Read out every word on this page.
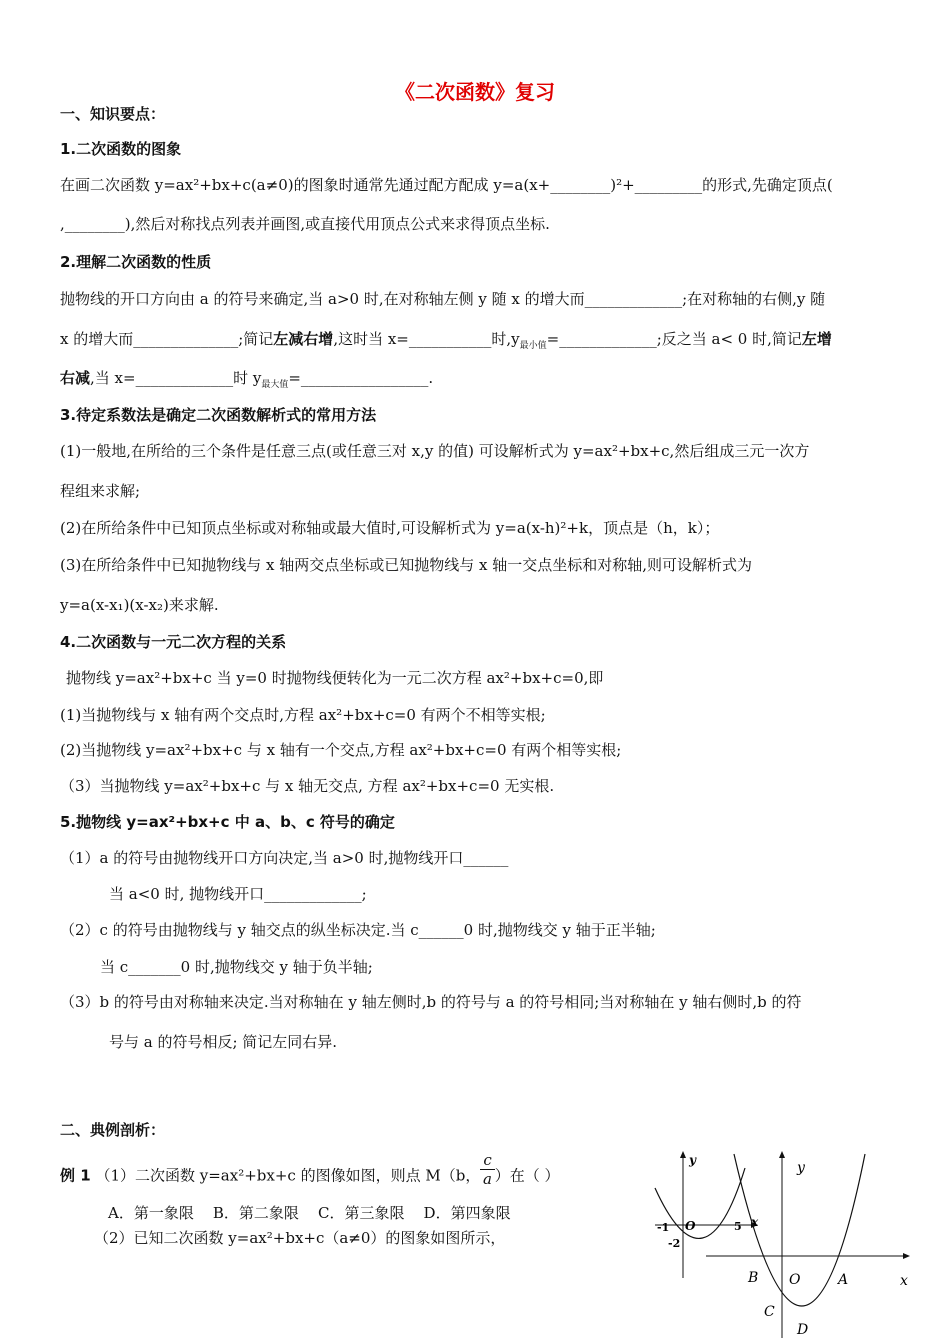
《二次函数》复习
一、知识要点：
1.二次函数的图象
在画二次函数 y=ax²+bx+c(a≠0)的图象时通常先通过配方配成 y=a(x+________)²+_________的形式,先确定顶点(
,________),然后对称找点列表并画图,或直接代用顶点公式来求得顶点坐标.
2.理解二次函数的性质
抛物线的开口方向由 a 的符号来确定,当 a>0 时,在对称轴左侧 y 随 x 的增大而_____________;在对称轴的右侧,y 随
x 的增大而______________;简记左减右增,这时当 x=___________时$,y_{最小值}=\_\_\_\_\_\_\_\_\_\_\_\_\_$;反之当 a< 0 时,简记左增
右减,当 x=_____________时 $y_{最大值}=\_\_\_\_\_\_\_\_\_\_\_\_\_\_\_\_\_$.
3.待定系数法是确定二次函数解析式的常用方法
(1)一般地,在所给的三个条件是任意三点(或任意三对 x,y 的值) 可设解析式为 y=ax²+bx+c,然后组成三元一次方
程组来求解;
(2)在所给条件中已知顶点坐标或对称轴或最大值时,可设解析式为 y=a(x-h)²+k，顶点是（h，k）；
(3)在所给条件中已知抛物线与 x 轴两交点坐标或已知抛物线与 x 轴一交点坐标和对称轴,则可设解析式为
y=a(x-x₁)(x-x₂)来求解.
4.二次函数与一元二次方程的关系
抛物线 y=ax²+bx+c 当 y=0 时抛物线便转化为一元二次方程 ax²+bx+c=0,即
(1)当抛物线与 x 轴有两个交点时,方程 ax²+bx+c=0 有两个不相等实根;
(2)当抛物线 y=ax²+bx+c 与 x 轴有一个交点,方程 ax²+bx+c=0 有两个相等实根;
（3）当抛物线 y=ax²+bx+c 与 x 轴无交点, 方程 ax²+bx+c=0 无实根.
5.抛物线 y=ax²+bx+c 中 a、b、c 符号的确定
（1）a 的符号由抛物线开口方向决定,当 a>0 时,抛物线开口______
当 a<0 时, 抛物线开口_____________;
（2）c 的符号由抛物线与 y 轴交点的纵坐标决定.当 c______0 时,抛物线交 y 轴于正半轴;
当 c_______0 时,抛物线交 y 轴于负半轴;
（3）b 的符号由对称轴来决定.当对称轴在 y 轴左侧时,b 的符号与 a 的符号相同;当对称轴在 y 轴右侧时,b 的符
号与 a 的符号相反; 简记左同右异.
二、典例剖析：
例 1 （1）二次函数 y=ax²+bx+c 的图像如图，则点 M（b， $\frac{c}{a}$ ）在（ ）
A．第一象限    B．第二象限    C．第三象限    D．第四象限
（2）已知二次函数 y=ax²+bx+c（a≠0）的图象如图所示，
y
x
O
-1
-2
5
y
x
O	A
B
C
D
